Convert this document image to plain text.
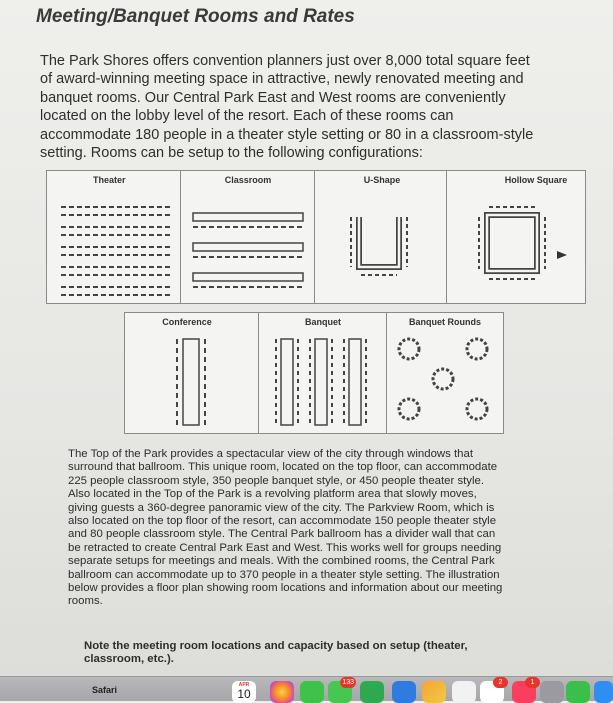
Meeting/Banquet Rooms and Rates
The Park Shores offers convention planners just over 8,000 total square feet of award-winning meeting space in attractive, newly renovated meeting and banquet rooms. Our Central Park East and West rooms are conveniently located on the lobby level of the resort. Each of these rooms can accommodate 180 people in a theater style setting or 80 in a classroom-style setting. Rooms can be setup to the following configurations:
Theater	Classroom	U-Shape	Hollow Square
Conference	Banquet	Banquet Rounds
The Top of the Park provides a spectacular view of the city through windows that surround that ballroom. This unique room, located on the top floor, can accommodate 225 people classroom style, 350 people banquet style, or 450 people theater style. Also located in the Top of the Park is a revolving platform area that slowly moves, giving guests a 360-degree panoramic view of the city. The Parkview Room, which is also located on the top floor of the resort, can accommodate 150 people theater style and 80 people classroom style. The Central Park ballroom has a divider wall that can be retracted to create Central Park East and West. This works well for groups needing separate setups for meetings and meals. With the combined rooms, the Central Park ballroom can accommodate up to 370 people in a theater style setting. The illustration below provides a floor plan showing room locations and information about our meeting rooms.
Note the meeting room locations and capacity based on setup (theater, classroom, etc.).
Safari	APR
10
133	2	1
